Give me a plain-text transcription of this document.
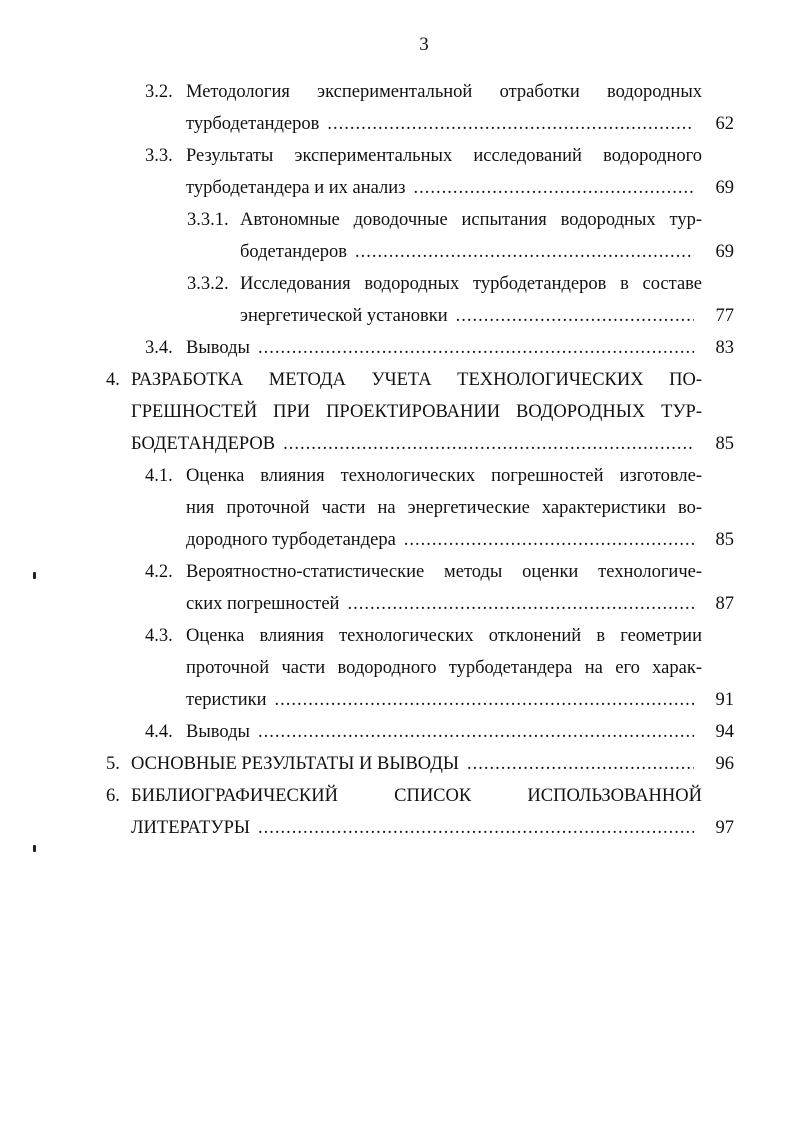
3
3.2. Методология экспериментальной отработки водородных
турбодетандеров .....	62
3.3. Результаты экспериментальных исследований водородного
турбодетандера и их анализ .....	69
3.3.1. Автономные доводочные испытания водородных тур-
бодетандеров .....	69
3.3.2. Исследования водородных турбодетандеров в составе
энергетической установки .....	77
3.4. Выводы .....	83
4. РАЗРАБОТКА МЕТОДА УЧЕТА ТЕХНОЛОГИЧЕСКИХ ПО-
ГРЕШНОСТЕЙ ПРИ ПРОЕКТИРОВАНИИ ВОДОРОДНЫХ ТУР-
БОДЕТАНДЕРОВ .....	85
4.1. Оценка влияния технологических погрешностей изготовле-
ния проточной части на энергетические характеристики во-
дородного турбодетандера .....	85
4.2. Вероятностно-статистические методы оценки технологиче-
ских погрешностей .....	87
4.3. Оценка влияния технологических отклонений в геометрии
проточной части водородного турбодетандера на его харак-
теристики .....	91
4.4. Выводы .....	94
5. ОСНОВНЫЕ РЕЗУЛЬТАТЫ И ВЫВОДЫ .....	96
6. БИБЛИОГРАФИЧЕСКИЙ СПИСОК ИСПОЛЬЗОВАННОЙ
ЛИТЕРАТУРЫ .....	97
